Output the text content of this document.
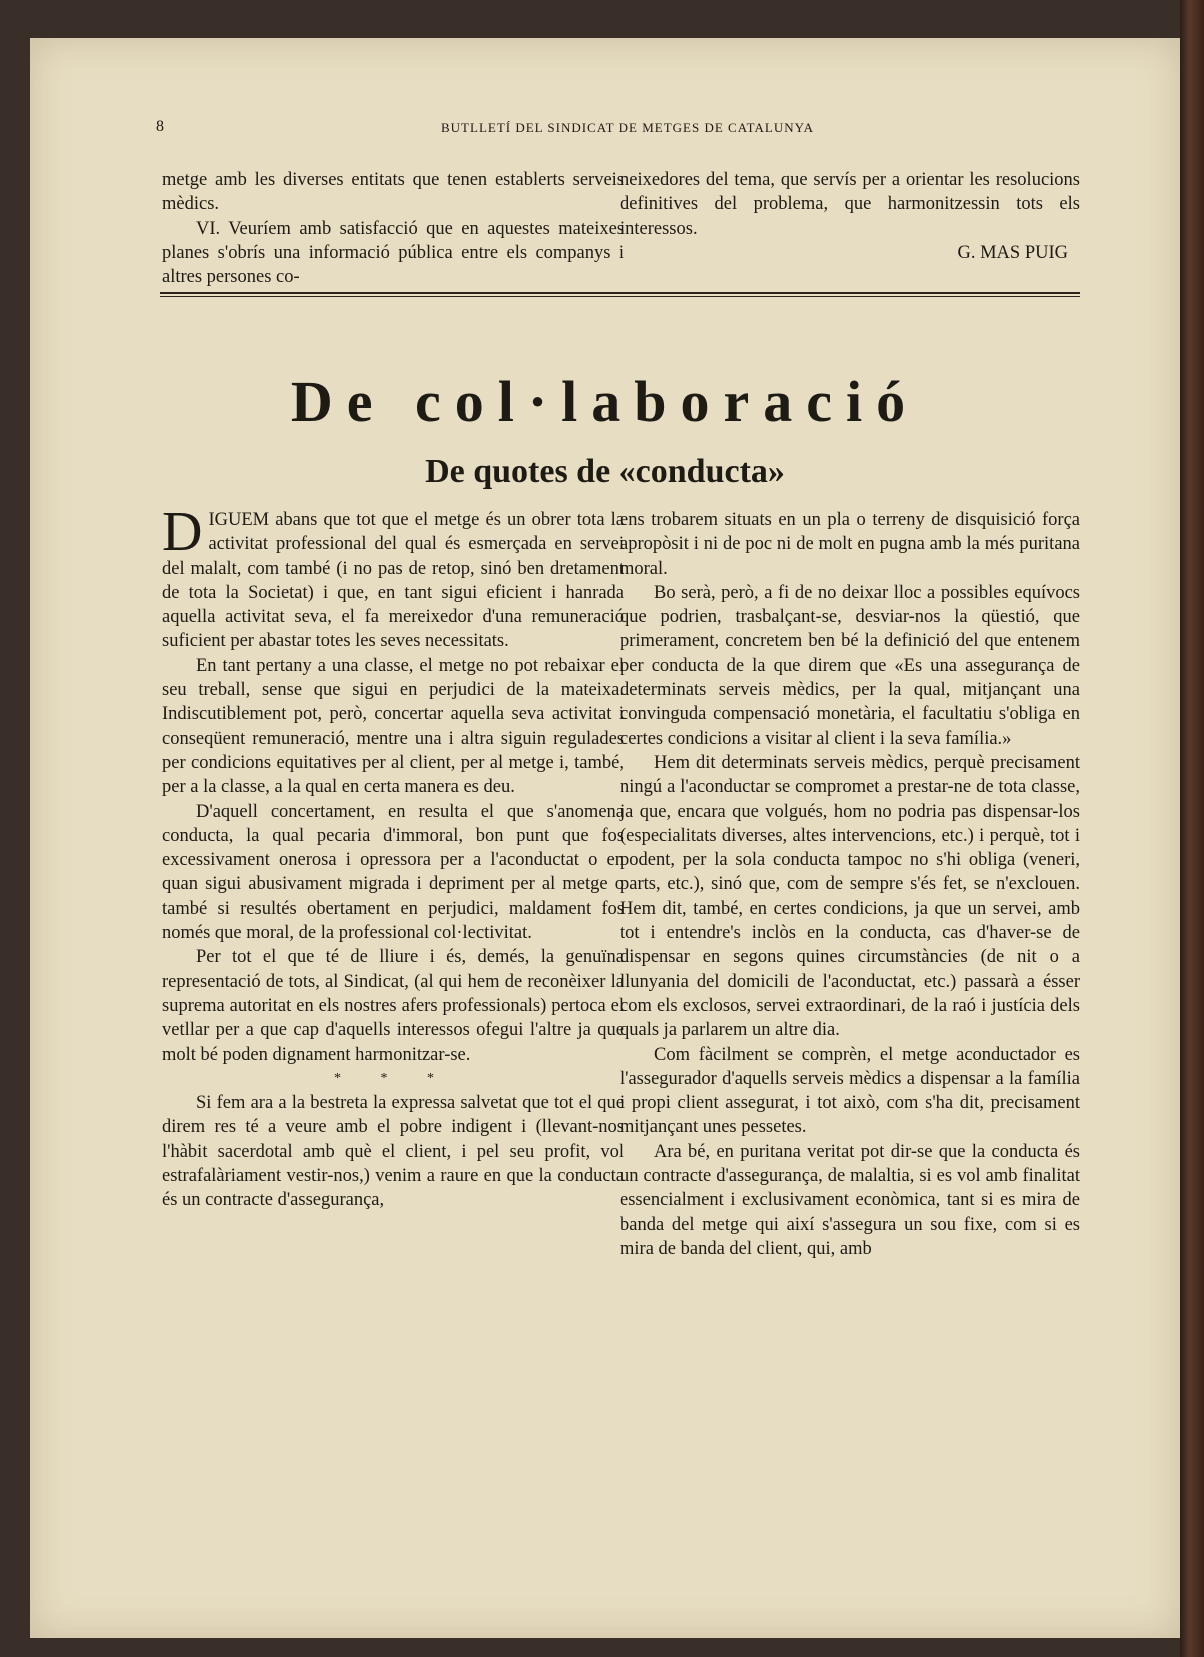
8	BUTLLETÍ DEL SINDICAT DE METGES DE CATALUNYA

metge amb les diverses entitats que tenen establerts serveis mèdics.

VI. Veuríem amb satisfacció que en aquestes mateixes planes s'obrís una informació pública entre els companys i altres persones co-

neixedores del tema, que servís per a orientar les resolucions definitives del problema, que harmonitzessin tots els interessos.

G. MAS PUIG

De col·laboració
De quotes de «conducta»

DIGUEM abans que tot que el metge és un obrer tota la activitat professional del qual és esmerçada en servei del malalt, com també (i no pas de retop, sinó ben dretament de tota la Societat) i que, en tant sigui eficient i hanrada aquella activitat seva, el fa mereixedor d'una remuneració suficient per abastar totes les seves necessitats.

En tant pertany a una classe, el metge no pot rebaixar el seu treball, sense que sigui en perjudici de la mateixa. Indiscutiblement pot, però, concertar aquella seva activitat i conseqüent remuneració, mentre una i altra siguin regulades per condicions equitatives per al client, per al metge i, també, per a la classe, a la qual en certa manera es deu.

D'aquell concertament, en resulta el que s'anomena conducta, la qual pecaria d'immoral, bon punt que fos excessivament onerosa i opressora per a l'aconductat o en quan sigui abusivament migrada i depriment per al metge o també si resultés obertament en perjudici, maldament fos només que moral, de la professional col·lectivitat.

Per tot el que té de lliure i és, demés, la genuïna representació de tots, al Sindicat, (al qui hem de reconèixer la suprema autoritat en els nostres afers professionals) pertoca el vetllar per a que cap d'aquells interessos ofegui l'altre ja que molt bé poden dignament harmonitzar-se.

* * *

Si fem ara a la bestreta la expressa salvetat que tot el que direm res té a veure amb el pobre indigent i (llevant-nos l'hàbit sacerdotal amb què el client, i pel seu profit, vol estrafalàriament vestir-nos,) venim a raure en que la conducta és un contracte d'assegurança,

ens trobarem situats en un pla o terreny de disquisició força apropòsit i ni de poc ni de molt en pugna amb la més puritana moral.

Bo serà, però, a fi de no deixar lloc a possibles equívocs que podrien, trasbalçant-se, desviar-nos la qüestió, que primerament, concretem ben bé la definició del que entenem per conducta de la que direm que «Es una assegurança de determinats serveis mèdics, per la qual, mitjançant una convinguda compensació monetària, el facultatiu s'obliga en certes condicions a visitar al client i la seva família.»

Hem dit determinats serveis mèdics, perquè precisament ningú a l'aconductar se compromet a prestar-ne de tota classe, ja que, encara que volgués, hom no podria pas dispensar-los (especialitats diverses, altes intervencions, etc.) i perquè, tot i podent, per la sola conducta tampoc no s'hi obliga (veneri, parts, etc.), sinó que, com de sempre s'és fet, se n'exclouen. Hem dit, també, en certes condicions, ja que un servei, amb tot i entendre's inclòs en la conducta, cas d'haver-se de dispensar en segons quines circumstàncies (de nit o a llunyania del domicili de l'aconductat, etc.) passarà a ésser com els exclosos, servei extraordinari, de la raó i justícia dels quals ja parlarem un altre dia.

Com fàcilment se comprèn, el metge aconductador es l'assegurador d'aquells serveis mèdics a dispensar a la família i propi client assegurat, i tot això, com s'ha dit, precisament mitjançant unes pessetes.

Ara bé, en puritana veritat pot dir-se que la conducta és un contracte d'assegurança, de malaltia, si es vol amb finalitat essencialment i exclusivament econòmica, tant si es mira de banda del metge qui així s'assegura un sou fixe, com si es mira de banda del client, qui, amb
